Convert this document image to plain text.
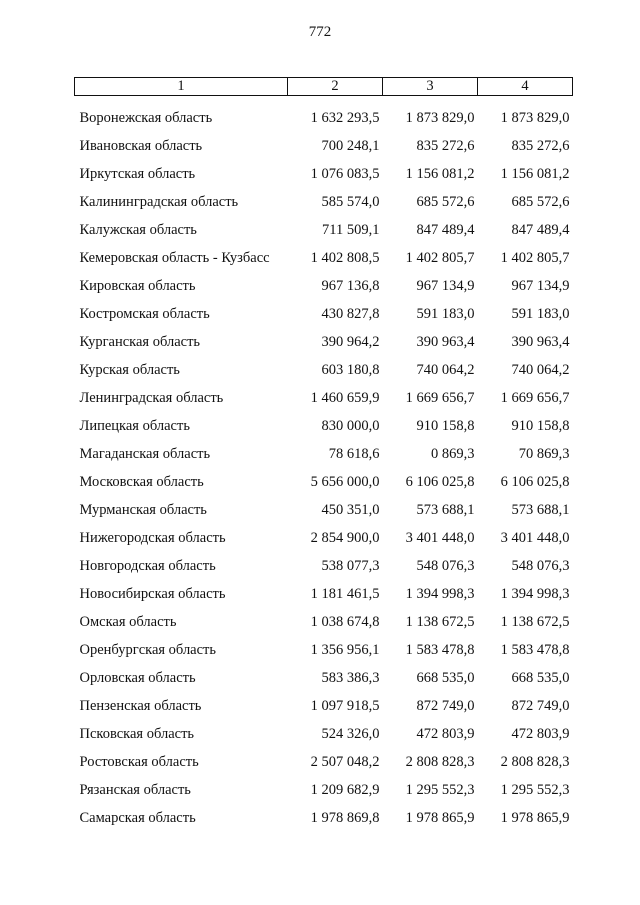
772
1	2	3	4
Воронежская область	1 632 293,5	1 873 829,0	1 873 829,0
Ивановская область	700 248,1	835 272,6	835 272,6
Иркутская область	1 076 083,5	1 156 081,2	1 156 081,2
Калининградская область	585 574,0	685 572,6	685 572,6
Калужская область	711 509,1	847 489,4	847 489,4
Кемеровская область - Кузбасс	1 402 808,5	1 402 805,7	1 402 805,7
Кировская область	967 136,8	967 134,9	967 134,9
Костромская область	430 827,8	591 183,0	591 183,0
Курганская область	390 964,2	390 963,4	390 963,4
Курская область	603 180,8	740 064,2	740 064,2
Ленинградская область	1 460 659,9	1 669 656,7	1 669 656,7
Липецкая область	830 000,0	910 158,8	910 158,8
Магаданская область	78 618,6	0 869,3	70 869,3
Московская область	5 656 000,0	6 106 025,8	6 106 025,8
Мурманская область	450 351,0	573 688,1	573 688,1
Нижегородская область	2 854 900,0	3 401 448,0	3 401 448,0
Новгородская область	538 077,3	548 076,3	548 076,3
Новосибирская область	1 181 461,5	1 394 998,3	1 394 998,3
Омская область	1 038 674,8	1 138 672,5	1 138 672,5
Оренбургская область	1 356 956,1	1 583 478,8	1 583 478,8
Орловская область	583 386,3	668 535,0	668 535,0
Пензенская область	1 097 918,5	872 749,0	872 749,0
Псковская область	524 326,0	472 803,9	472 803,9
Ростовская область	2 507 048,2	2 808 828,3	2 808 828,3
Рязанская область	1 209 682,9	1 295 552,3	1 295 552,3
Самарская область	1 978 869,8	1 978 865,9	1 978 865,9
